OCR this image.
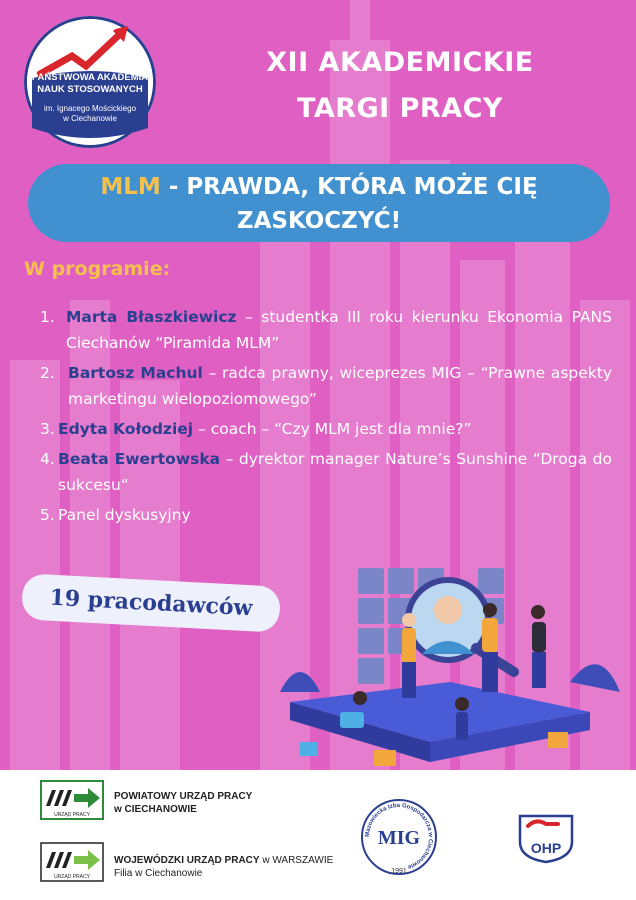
PAŃSTWOWA AKADEMIA
NAUK STOSOWANYCH
im. Ignacego Mościckiego
w Ciechanowie
XII AKADEMICKIE
TARGI PRACY
MLM - PRAWDA, KTÓRA MOŻE CIĘ
ZASKOCZYĆ!
W programie:
1. Marta Błaszkiewicz – studentka III roku kierunku Ekonomia PANS Ciechanów “Piramida MLM”
2. Bartosz Machul – radca prawny, wiceprezes MIG – “Prawne aspekty marketingu wielopoziomowego”
3. Edyta Kołodziej – coach – “Czy MLM jest dla mnie?”
4. Beata Ewertowska – dyrektor manager Nature’s Sunshine “Droga do sukcesu“
5. Panel dyskusyjny
19 pracodawców
URZĄD PRACY
POWIATOWY URZĄD PRACY
w CIECHANOWIE
URZĄD PRACY
WOJEWÓDZKI URZĄD PRACY w WARSZAWIE
Filia w Ciechanowie
Mazowiecka Izba Gospodarcza w Ciechanowie
MIG
1991
OHP
